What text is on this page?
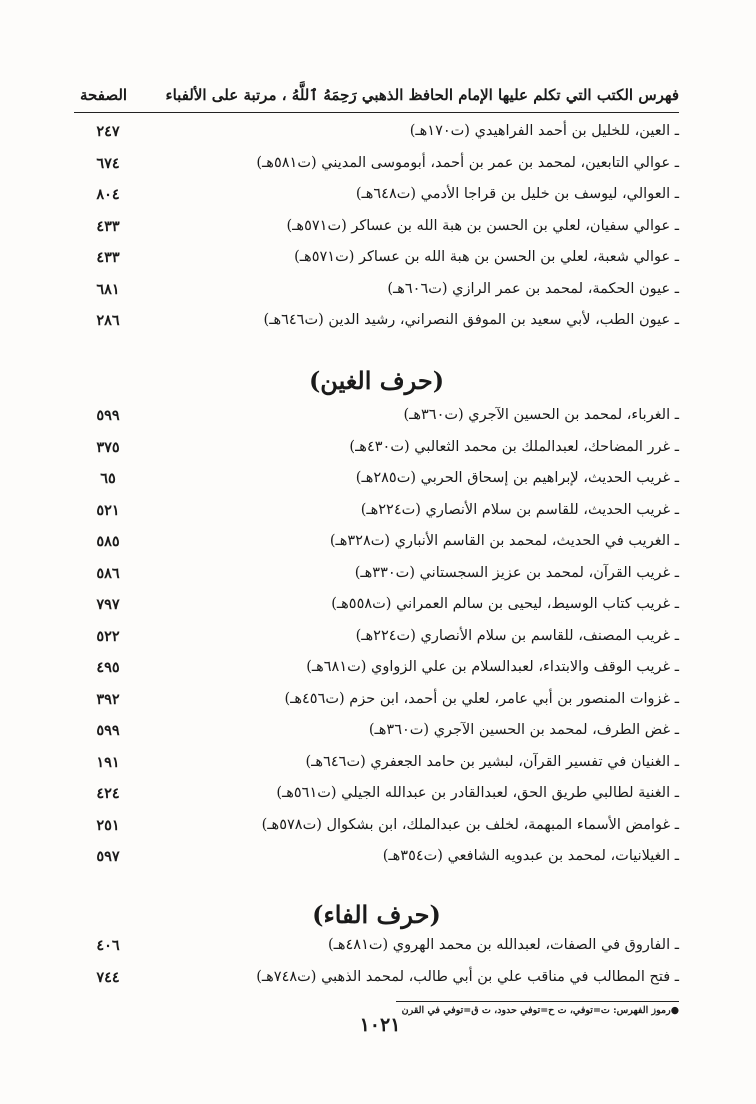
فهرس الكتب التي تكلم عليها الإمام الحافظ الذهبي رَحِمَهُ ٱللَّهُ ، مرتبة على الألفباء
الصفحة
ـ العين، للخليل بن أحمد الفراهيدي (ت١٧٠هـ)
٢٤٧
ـ عوالي التابعين، لمحمد بن عمر بن أحمد، أبوموسى المديني (ت٥٨١هـ)
٦٧٤
ـ العوالي، ليوسف بن خليل بن قراجا الأدمي (ت٦٤٨هـ)
٨٠٤
ـ عوالي سفيان، لعلي بن الحسن بن هبة الله بن عساكر (ت٥٧١هـ)
٤٣٣
ـ عوالي شعبة، لعلي بن الحسن بن هبة الله بن عساكر (ت٥٧١هـ)
٤٣٣
ـ عيون الحكمة، لمحمد بن عمر الرازي (ت٦٠٦هـ)
٦٨١
ـ عيون الطب، لأبي سعيد بن الموفق النصراني، رشيد الدين (ت٦٤٦هـ)
٢٨٦
(حرف الغين)
ـ الغرباء، لمحمد بن الحسين الآجري (ت٣٦٠هـ)
٥٩٩
ـ غرر المضاحك، لعبدالملك بن محمد الثعالبي (ت٤٣٠هـ)
٣٧٥
ـ غريب الحديث، لإبراهيم بن إسحاق الحربي (ت٢٨٥هـ)
٦٥
ـ غريب الحديث، للقاسم بن سلام الأنصاري (ت٢٢٤هـ)
٥٢١
ـ الغريب في الحديث، لمحمد بن القاسم الأنباري (ت٣٢٨هـ)
٥٨٥
ـ غريب القرآن، لمحمد بن عزيز السجستاني (ت٣٣٠هـ)
٥٨٦
ـ غريب كتاب الوسيط، ليحيى بن سالم العمراني (ت٥٥٨هـ)
٧٩٧
ـ غريب المصنف، للقاسم بن سلام الأنصاري (ت٢٢٤هـ)
٥٢٢
ـ غريب الوقف والابتداء، لعبدالسلام بن علي الزواوي (ت٦٨١هـ)
٤٩٥
ـ غزوات المنصور بن أبي عامر، لعلي بن أحمد، ابن حزم (ت٤٥٦هـ)
٣٩٢
ـ غض الطرف، لمحمد بن الحسين الآجري (ت٣٦٠هـ)
٥٩٩
ـ الغنيان في تفسير القرآن، لبشير بن حامد الجعفري (ت٦٤٦هـ)
١٩١
ـ الغنية لطالبي طريق الحق، لعبدالقادر بن عبدالله الجيلي (ت٥٦١هـ)
٤٢٤
ـ غوامض الأسماء المبهمة، لخلف بن عبدالملك، ابن بشكوال (ت٥٧٨هـ)
٢٥١
ـ الغيلانيات، لمحمد بن عبدويه الشافعي (ت٣٥٤هـ)
٥٩٧
(حرف الفاء)
ـ الفاروق في الصفات، لعبدالله بن محمد الهروي (ت٤٨١هـ)
٤٠٦
ـ فتح المطالب في مناقب علي بن أبي طالب، لمحمد الذهبي (ت٧٤٨هـ)
٧٤٤
●رموز الفهرس: ت=توفي، ت ح=توفي حدود، ت ق=توفي في القرن
١٠٢١
